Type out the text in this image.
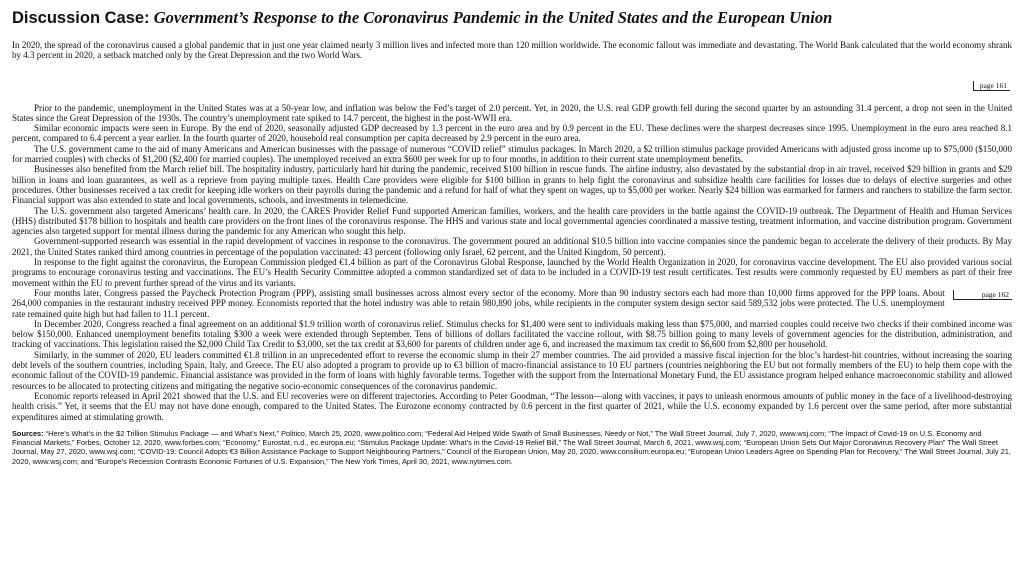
Discussion Case: Government’s Response to the Coronavirus Pandemic in the United States and the European Union

In 2020, the spread of the coronavirus caused a global pandemic that in just one year claimed nearly 3 million lives and infected more than 120 million worldwide. The economic fallout was immediate and devastating. The World Bank calculated that the world economy shrank by 4.3 percent in 2020, a setback matched only by the Great Depression and the two World Wars.

page 161

Prior to the pandemic, unemployment in the United States was at a 50-year low, and inflation was below the Fed’s target of 2.0 percent. Yet, in 2020, the U.S. real GDP growth fell during the second quarter by an astounding 31.4 percent, a drop not seen in the United States since the Great Depression of the 1930s. The country’s unemployment rate spiked to 14.7 percent, the highest in the post-WWII era.

Similar economic impacts were seen in Europe. By the end of 2020, seasonally adjusted GDP decreased by 1.3 percent in the euro area and by 0.9 percent in the EU. These declines were the sharpest decreases since 1995. Unemployment in the euro area reached 8.1 percent, compared to 6.4 percent a year earlier. In the fourth quarter of 2020, household real consumption per capita decreased by 2.9 percent in the euro area.

The U.S. government came to the aid of many Americans and American businesses with the passage of numerous “COVID relief” stimulus packages. In March 2020, a $2 trillion stimulus package provided Americans with adjusted gross income up to $75,000 ($150,000 for married couples) with checks of $1,200 ($2,400 for married couples). The unemployed received an extra $600 per week for up to four months, in addition to their current state unemployment benefits.

Businesses also benefited from the March relief bill. The hospitality industry, particularly hard hit during the pandemic, received $100 billion in rescue funds. The airline industry, also devastated by the substantial drop in air travel, received $29 billion in grants and $29 billion in loans and loan guarantees, as well as a reprieve from paying multiple taxes. Health Care providers were eligible for $100 billion in grants to help fight the coronavirus and subsidize health care facilities for losses due to delays of elective surgeries and other procedures. Other businesses received a tax credit for keeping idle workers on their payrolls during the pandemic and a refund for half of what they spent on wages, up to $5,000 per worker. Nearly $24 billion was earmarked for farmers and ranchers to stabilize the farm sector. Financial support was also extended to state and local governments, schools, and investments in telemedicine.

The U.S. government also targeted Americans’ health care. In 2020, the CARES Provider Relief Fund supported American families, workers, and the health care providers in the battle against the COVID-19 outbreak. The Department of Health and Human Services (HHS) distributed $178 billion to hospitals and health care providers on the front lines of the coronavirus response. The HHS and various state and local governmental agencies coordinated a massive testing, treatment information, and vaccine distribution program. Government agencies also targeted support for mental illness during the pandemic for any American who sought this help.

Government-supported research was essential in the rapid development of vaccines in response to the coronavirus. The government poured an additional $10.5 billion into vaccine companies since the pandemic began to accelerate the delivery of their products. By May 2021, the United States ranked third among countries in percentage of the population vaccinated: 43 percent (following only Israel, 62 percent, and the United Kingdom, 50 percent).

In response to the fight against the coronavirus, the European Commission pledged €1.4 billion as part of the Coronavirus Global Response, launched by the World Health Organization in 2020, for coronavirus vaccine development. The EU also provided various social programs to encourage coronavirus testing and vaccinations. The EU’s Health Security Committee adopted a common standardized set of data to be included in a COVID-19 test result certificates. Test results were commonly requested by EU members as part of their free movement within the EU to prevent further spread of the virus and its variants.

page 162
Four months later, Congress passed the Paycheck Protection Program (PPP), assisting small businesses across almost every sector of the economy. More than 90 industry sectors each had more than 10,000 firms approved for the PPP loans. About 264,000 companies in the restaurant industry received PPP money. Economists reported that the hotel industry was able to retain 980,890 jobs, while recipients in the computer system design sector said 589,532 jobs were protected. The U.S. unemployment rate remained quite high but had fallen to 11.1 percent.

In December 2020, Congress reached a final agreement on an additional $1.9 trillion worth of coronavirus relief. Stimulus checks for $1,400 were sent to individuals making less than $75,000, and married couples could receive two checks if their combined income was below $150,000. Enhanced unemployment benefits totaling $300 a week were extended through September. Tens of billions of dollars facilitated the vaccine rollout, with $8.75 billion going to many levels of government agencies for the distribution, administration, and tracking of vaccinations. This legislation raised the $2,000 Child Tax Credit to $3,000, set the tax credit at $3,600 for parents of children under age 6, and increased the maximum tax credit to $6,600 from $2,800 per household.

Similarly, in the summer of 2020, EU leaders committed €1.8 trillion in an unprecedented effort to reverse the economic slump in their 27 member countries. The aid provided a massive fiscal injection for the bloc’s hardest-hit countries, without increasing the soaring debt levels of the southern countries, including Spain, Italy, and Greece. The EU also adopted a program to provide up to €3 billion of macro-financial assistance to 10 EU partners (countries neighboring the EU but not formally members of the EU) to help them cope with the economic fallout of the COVID-19 pandemic. Financial assistance was provided in the form of loans with highly favorable terms. Together with the support from the International Monetary Fund, the EU assistance program helped enhance macroeconomic stability and allowed resources to be allocated to protecting citizens and mitigating the negative socio-economic consequences of the coronavirus pandemic.

Economic reports released in April 2021 showed that the U.S. and EU recoveries were on different trajectories. According to Peter Goodman, “The lesson—along with vaccines, it pays to unleash enormous amounts of public money in the face of a livelihood-destroying health crisis.” Yet, it seems that the EU may not have done enough, compared to the United States. The Eurozone economy contracted by 0.6 percent in the first quarter of 2021, while the U.S. economy expanded by 1.6 percent over the same period, after more substantial expenditures aimed at stimulating growth.

Sources: “Here’s What’s in the $2 Trillion Stimulus Package — and What’s Next,” Politico, March 25, 2020, www.politico.com; “Federal Aid Helped Wide Swath of Small Businesses, Needy or Not,” The Wall Street Journal, July 7, 2020, www.wsj.com; “The Impact of Covid-19 on U.S. Economy and Financial Markets,” Forbes, October 12, 2020, www.forbes.com; “Economy,” Eurostat, n.d., ec.europa.eu; “Stimulus Package Update: What’s in the Covid-19 Relief Bill,” The Wall Street Journal, March 6, 2021, www.wsj.com; “European Union Sets Out Major Coronavirus Recovery Plan” The Wall Street Journal, May 27, 2020, www.wsj.com; “COVID-19: Council Adopts €3 Billion Assistance Package to Support Neighbouring Partners,” Council of the European Union, May 20, 2020, www.consilium.europa.eu; “European Union Leaders Agree on Spending Plan for Recovery,” The Wall Street Journal, July 21, 2020, www.wsj.com; and “Europe’s Recession Contrasts Economic Fortunes of U.S. Expansion,” The New York Times, April 30, 2021, www.nytimes.com.
